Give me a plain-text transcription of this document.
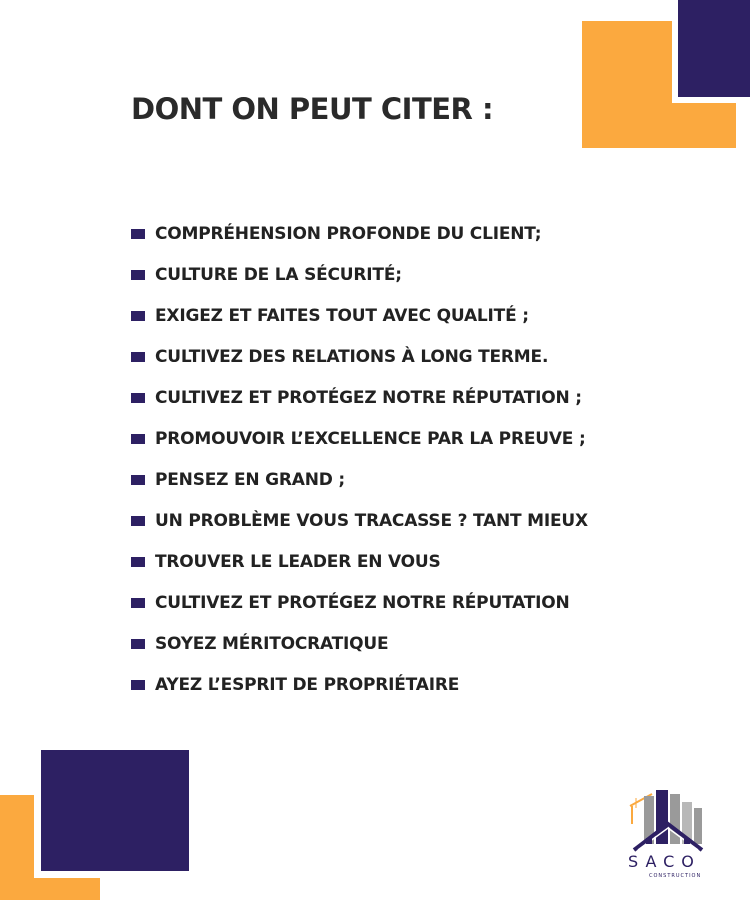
DONT ON PEUT CITER :
COMPRÉHENSION PROFONDE DU CLIENT;
CULTURE DE LA SÉCURITÉ;
EXIGEZ ET FAITES TOUT AVEC QUALITÉ ;
CULTIVEZ DES RELATIONS À LONG TERME.
CULTIVEZ ET PROTÉGEZ NOTRE RÉPUTATION ;
PROMOUVOIR L’EXCELLENCE PAR LA PREUVE ;
PENSEZ EN GRAND ;
UN PROBLÈME VOUS TRACASSE ? TANT MIEUX
TROUVER LE LEADER EN VOUS
CULTIVEZ ET PROTÉGEZ NOTRE RÉPUTATION
SOYEZ MÉRITOCRATIQUE
AYEZ L’ESPRIT DE PROPRIÉTAIRE
SACO
CONSTRUCTION
